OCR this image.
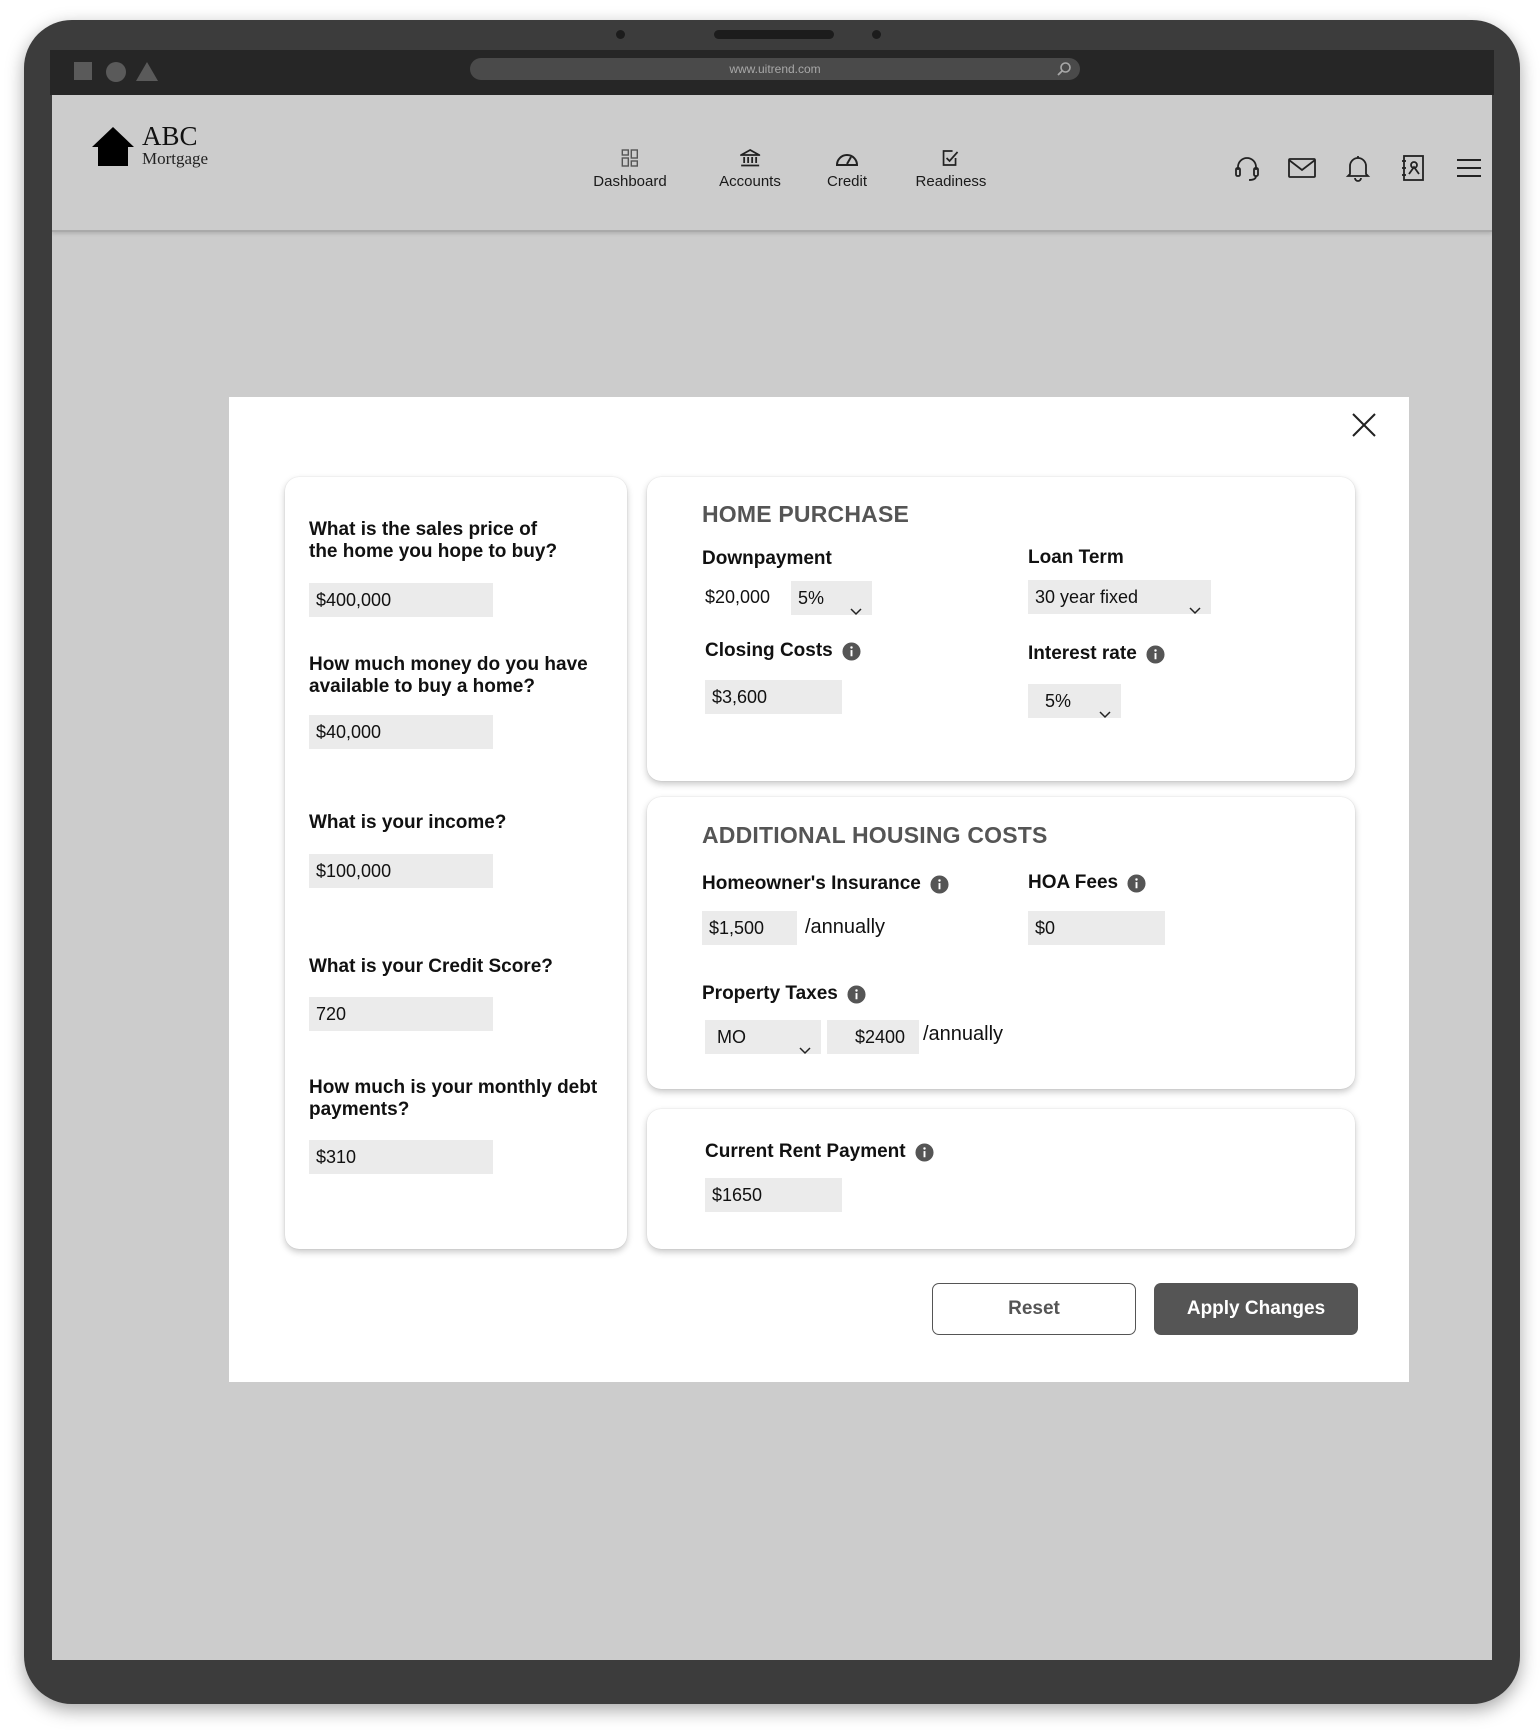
www.uitrend.com
ABC
Mortgage
Dashboard	Accounts	Credit	Readiness
What is the sales price of
the home you hope to buy?
$400,000
How much money do you have
available to buy a home?
$40,000
What is your income?
$100,000
What is your Credit Score?
720
How much is your monthly debt
payments?
$310
HOME PURCHASE
Downpayment
$20,000	5%
Loan Term
30 year fixed
Closing Costs
$3,600
Interest rate
5%
ADDITIONAL HOUSING COSTS
Homeowner's Insurance
$1,500	/annually
HOA Fees
$0
Property Taxes
MO	$2400 /annually
Current Rent Payment
$1650
Reset	Apply Changes
